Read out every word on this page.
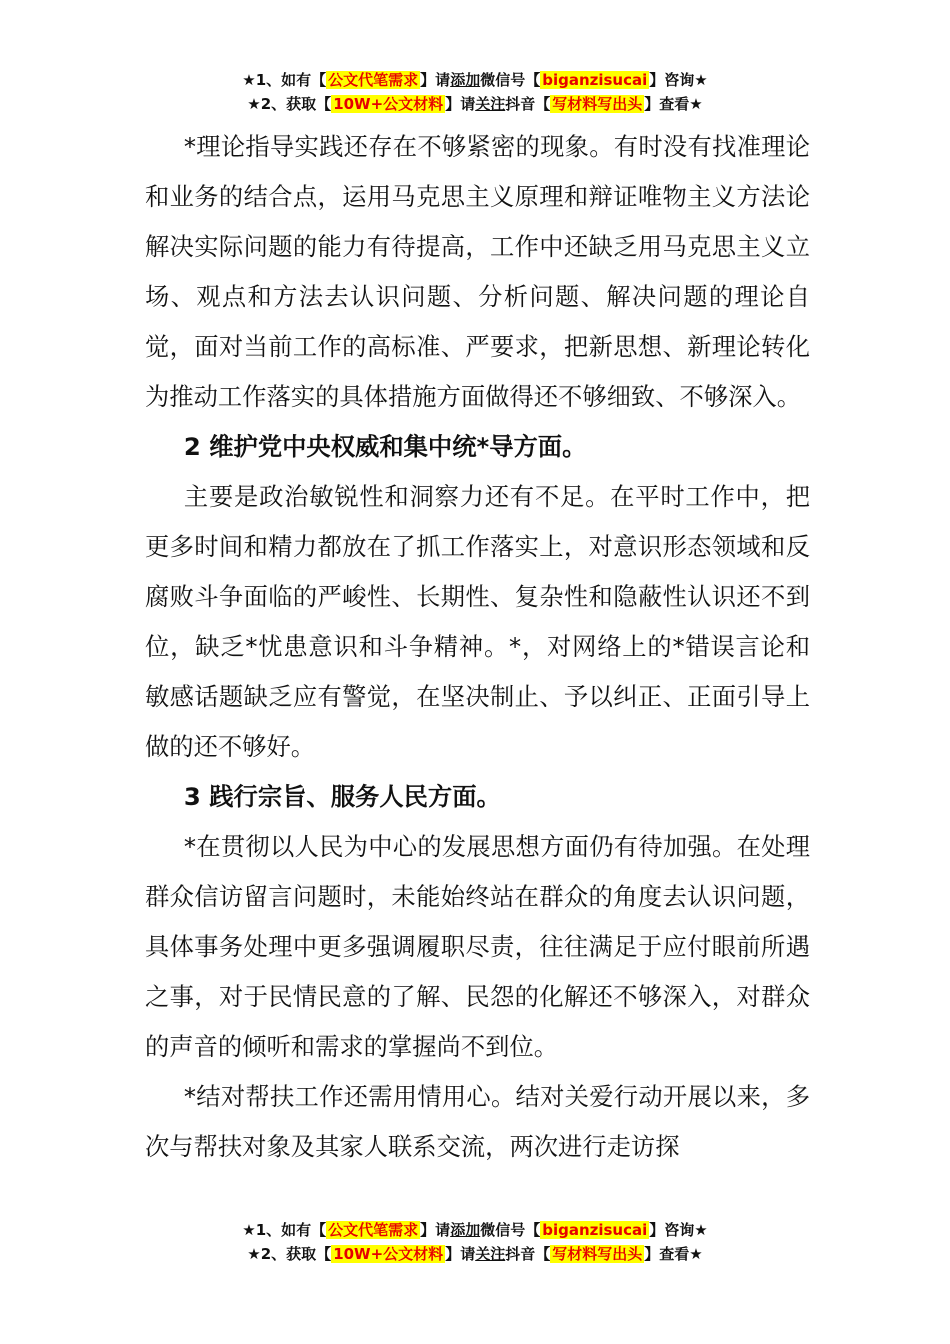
★1、如有【 公文代笔需求 】请添加微信号【 biganzisucai 】咨询★
★2、获取【 10W+公文材料 】请关注抖音【 写材料写出头 】查看★

*理论指导实践还存在不够紧密的现象。有时没有找准理论和业务的结合点，运用马克思主义原理和辩证唯物主义方法论解决实际问题的能力有待提高，工作中还缺乏用马克思主义立场、观点和方法去认识问题、分析问题、解决问题的理论自觉，面对当前工作的高标准、严要求，把新思想、新理论转化为推动工作落实的具体措施方面做得还不够细致、不够深入。

2 维护党中央权威和集中统*导方面。

主要是政治敏锐性和洞察力还有不足。在平时工作中，把更多时间和精力都放在了抓工作落实上，对意识形态领域和反腐败斗争面临的严峻性、长期性、复杂性和隐蔽性认识还不到位，缺乏*忧患意识和斗争精神。*，对网络上的*错误言论和敏感话题缺乏应有警觉，在坚决制止、予以纠正、正面引导上做的还不够好。

3 践行宗旨、服务人民方面。

*在贯彻以人民为中心的发展思想方面仍有待加强。在处理群众信访留言问题时，未能始终站在群众的角度去认识问题，具体事务处理中更多强调履职尽责，往往满足于应付眼前所遇之事，对于民情民意的了解、民怨的化解还不够深入，对群众的声音的倾听和需求的掌握尚不到位。

*结对帮扶工作还需用情用心。结对关爱行动开展以来，多次与帮扶对象及其家人联系交流，两次进行走访探

★1、如有【 公文代笔需求 】请添加微信号【 biganzisucai 】咨询★
★2、获取【 10W+公文材料 】请关注抖音【 写材料写出头 】查看★
